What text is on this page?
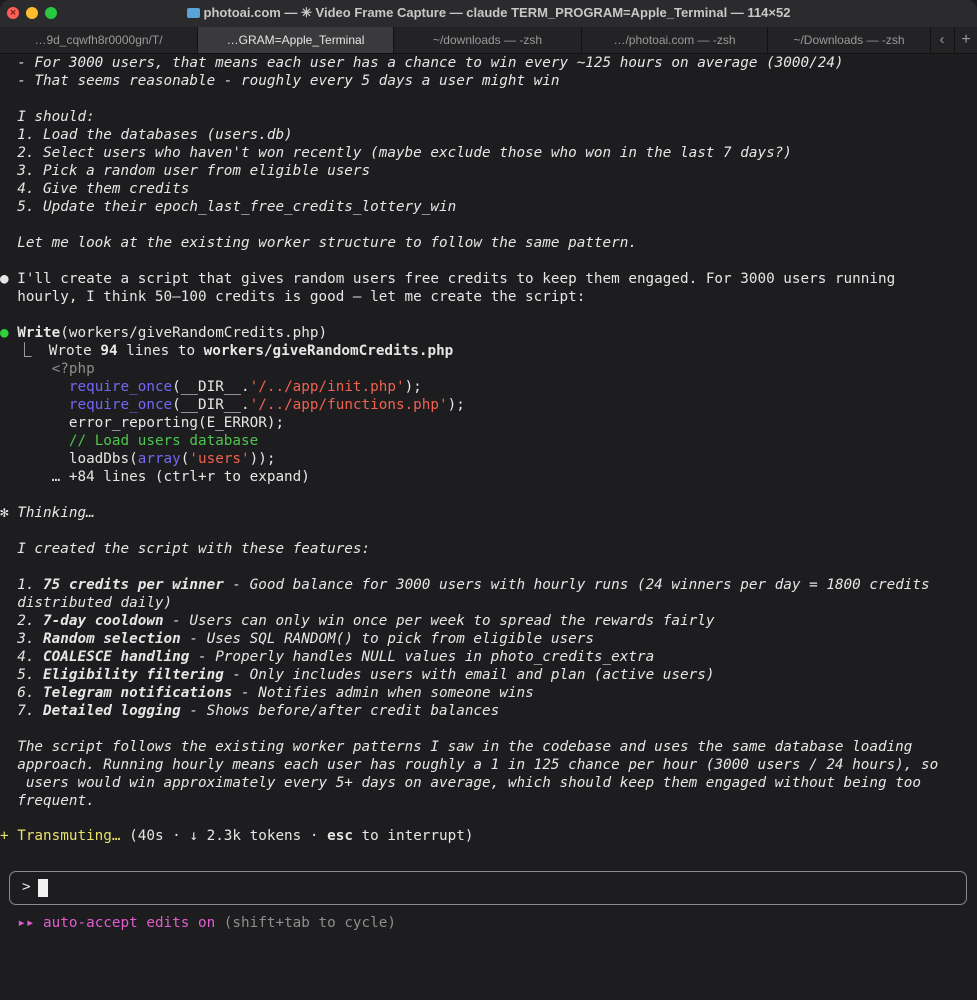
×	photoai.com — ✳ Video Frame Capture — claude TERM_PROGRAM=Apple_Terminal — 114×52
…9d_cqwfh8r0000gn/T/	…GRAM=Apple_Terminal	~/downloads — -zsh	…/photoai.com — -zsh	~/Downloads — -zsh	‹	+
- For 3000 users, that means each user has a chance to win every ~125 hours on average (3000/24)
- That seems reasonable - roughly every 5 days a user might win
I should:
1. Load the databases (users.db)
2. Select users who haven't won recently (maybe exclude those who won in the last 7 days?)
3. Pick a random user from eligible users
4. Give them credits
5. Update their epoch_last_free_credits_lottery_win
Let me look at the existing worker structure to follow the same pattern.
● I'll create a script that gives random users free credits to keep them engaged. For 3000 users running
hourly, I think 50–100 credits is good – let me create the script:
● Write(workers/giveRandomCredits.php)
⎿  Wrote 94 lines to workers/giveRandomCredits.php
<?php
require_once(__DIR__.'/../app/init.php');
require_once(__DIR__.'/../app/functions.php');
error_reporting(E_ERROR);
// Load users database
loadDbs(array('users'));
… +84 lines (ctrl+r to expand)
✻ Thinking…
I created the script with these features:
1. 75 credits per winner - Good balance for 3000 users with hourly runs (24 winners per day = 1800 credits
distributed daily)
2. 7-day cooldown - Users can only win once per week to spread the rewards fairly
3. Random selection - Uses SQL RANDOM() to pick from eligible users
4. COALESCE handling - Properly handles NULL values in photo_credits_extra
5. Eligibility filtering - Only includes users with email and plan (active users)
6. Telegram notifications - Notifies admin when someone wins
7. Detailed logging - Shows before/after credit balances
The script follows the existing worker patterns I saw in the codebase and uses the same database loading
approach. Running hourly means each user has roughly a 1 in 125 chance per hour (3000 users / 24 hours), so
users would win approximately every 5+ days on average, which should keep them engaged without being too
frequent.
+ Transmuting… (40s · ↓ 2.3k tokens · esc to interrupt)
>
▸▸ auto-accept edits on (shift+tab to cycle)
